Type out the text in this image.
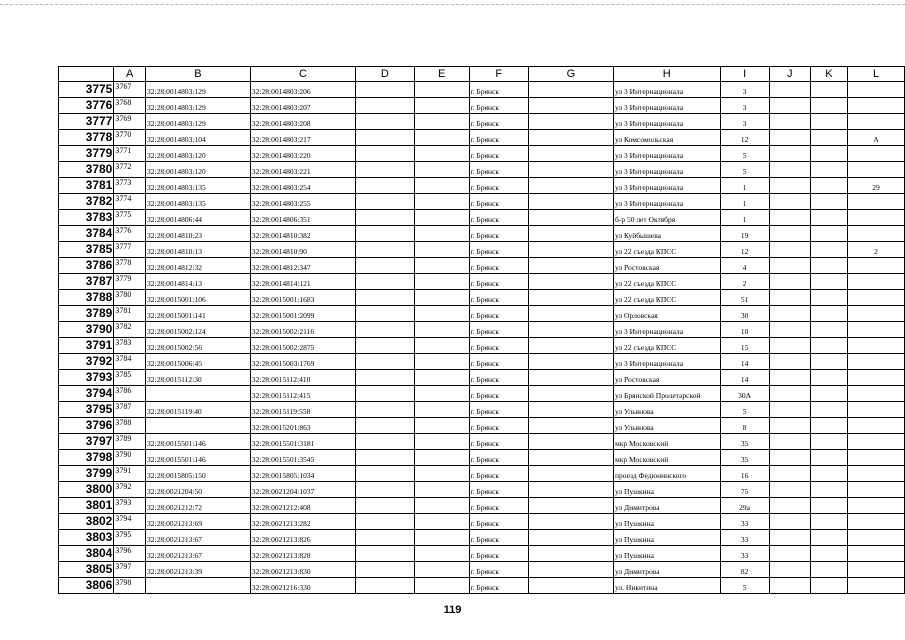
	A	B	C	D	E	F	G	H	I	J	K	L
3775	3767	32:28:0014803:129	32:28:0014803:206			г. Брянск		ул 3 Интернационала	3			
3776	3768	32:28:0014803:129	32:28:0014803:207			г. Брянск		ул 3 Интернационала	3			
3777	3769	32:28:0014803:129	32:28:0014803:208			г. Брянск		ул 3 Интернационала	3			
3778	3770	32:28:0014803:104	32:28:0014803:217			г. Брянск		ул Комсомольская	12			А
3779	3771	32:28:0014803:120	32:28:0014803:220			г. Брянск		ул 3 Интернационала	5			
3780	3772	32:28:0014803:120	32:28:0014803:221			г. Брянск		ул 3 Интернационала	5			
3781	3773	32:28:0014803:135	32:28:0014803:254			г. Брянск		ул 3 Интернационала	1			29
3782	3774	32:28:0014803:135	32:28:0014803:255			г. Брянск		ул 3 Интернационала	1			
3783	3775	32:28:0014806:44	32:28:0014806:351			г. Брянск		б-р 50 лет Октября	1			
3784	3776	32:28:0014810:23	32:28:0014810:382			г. Брянск		ул Куйбышева	19			
3785	3777	32:28:0014810:13	32:28:0014810:90			г. Брянск		ул 22 съезда КПСС	12			2
3786	3778	32:28:0014812:32	32:28:0014812:347			г. Брянск		ул Ростовская	4			
3787	3779	32:28:0014814:13	32:28:0014814:121			г. Брянск		ул 22 съезда КПСС	2			
3788	3780	32:28:0015001:106	32:28:0015001:1683			г. Брянск		ул 22 съезда КПСС	51			
3789	3781	32:28:0015001:141	32:28:0015001:2099			г. Брянск		ул Орловская	30			
3790	3782	32:28:0015002:124	32:28:0015002:2116			г. Брянск		ул 3 Интернационала	10			
3791	3783	32:28:0015002:56	32:28:0015002:2875			г. Брянск		ул 22 съезда КПСС	15			
3792	3784	32:28:0015006:45	32:28:0015003:1769			г. Брянск		ул 3 Интернационала	14			
3793	3785	32:28:0015112:30	32:28:0015112:410			г. Брянск		ул Ростовская	14			
3794	3786		32:28:0015112:415			г. Брянск		ул Брянской Пролетарской	30А			
3795	3787	32:28:0015119:40	32:28:0015119:558			г. Брянск		ул Ульянова	5			
3796	3788		32:28:0015201:863			г. Брянск		ул Ульянова	8			
3797	3789	32:28:0015501:146	32:28:0015501:3181			г. Брянск		мкр Московский	35			
3798	3790	32:28:0015501:146	32:28:0015501:3545			г. Брянск		мкр Московский	35			
3799	3791	32:28:0015805:150	32:28:0015805:1034			г. Брянск		проезд Федюнинского	16			
3800	3792	32:28:0021204:50	32:28:0021204:1037			г. Брянск		ул Пушкина	75			
3801	3793	32:28:0021212:72	32:28:0021212:408			г. Брянск		ул Димитрова	29а			
3802	3794	32:28:0021213:69	32:28:0021213:282			г. Брянск		ул Пушкина	33			
3803	3795	32:28:0021213:67	32:28:0021213:826			г. Брянск		ул Пушкина	33			
3804	3796	32:28:0021213:67	32:28:0021213:828			г. Брянск		ул Пушкина	33			
3805	3797	32:28:0021213:39	32:28:0021213:830			г. Брянск		ул Димитрова	82			
3806	3798		32:28:0021216:330			г. Брянск		ул. Никитина	5			
119
